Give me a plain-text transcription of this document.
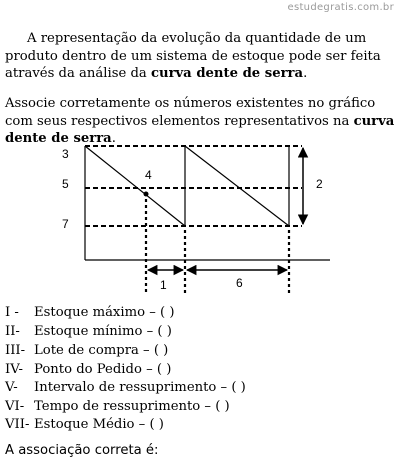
estudegratis.com.br
A representação da evolução da quantidade de um produto dentro de um sistema de estoque pode ser feita através da análise da curva dente de serra.
Associe corretamente os números existentes no gráfico com seus respectivos elementos representativos na curva dente de serra.
3
5
7
4
2
1	6
I - Estoque máximo – ( )
II- Estoque mínimo – ( )
III- Lote de compra – ( )
IV- Ponto do Pedido – ( )
V- Intervalo de ressuprimento – ( )
VI- Tempo de ressuprimento – ( )
VII- Estoque Médio – ( )
A associação correta é:
